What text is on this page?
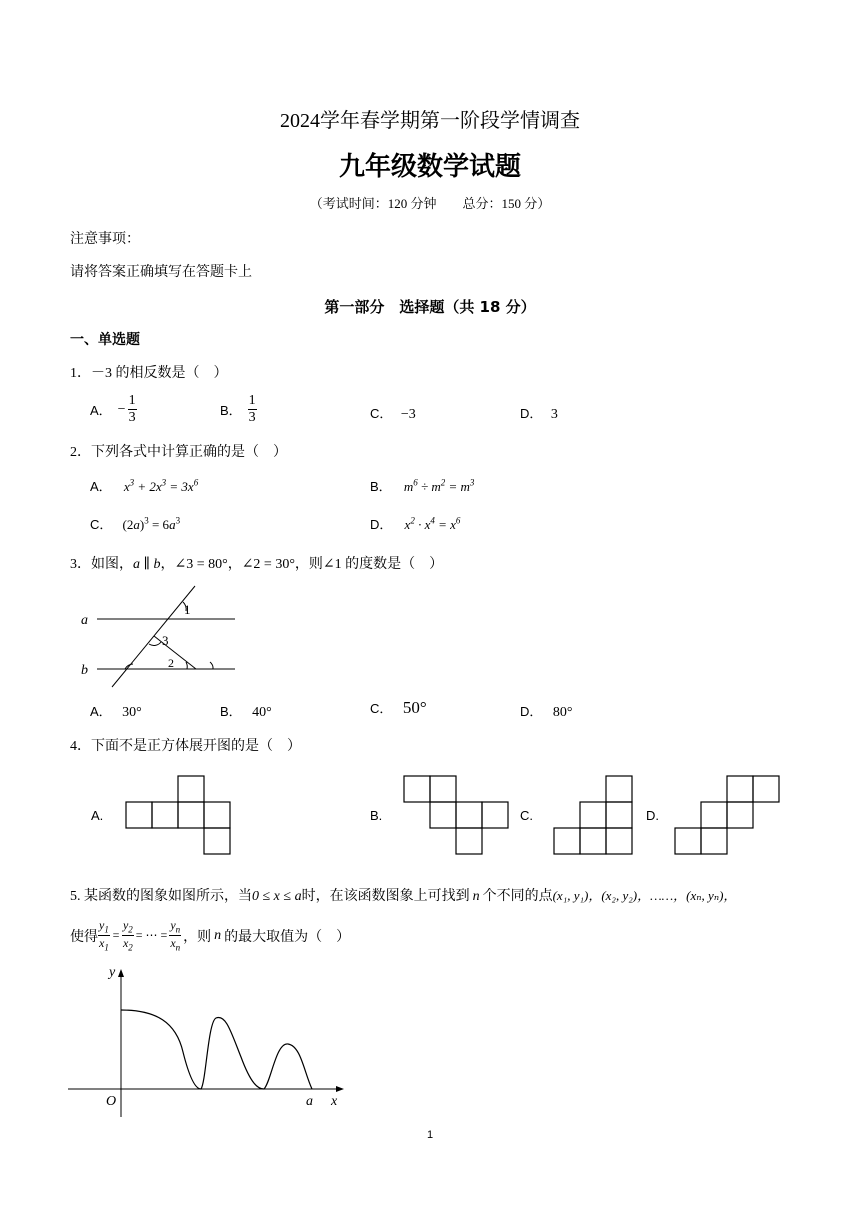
2024学年春学期第一阶段学情调查
九年级数学试题
（考试时间：120 分钟　　总分：150 分）
注意事项：
请将答案正确填写在答题卡上
第一部分　选择题（共 18 分）
一、单选题
1．－3 的相反数是（　）
A． − $\frac{1}{3}$	B． $\frac{1}{3}$	C． −3	D． 3
2．下列各式中计算正确的是（　）
A． $x^3 + 2x^3 = 3x^6$	B． $m^6 \div m^2 = m^3$
C． $(2a)^3 = 6a^3$	D． $x^2 \cdot x^4 = x^6$
3．如图，a ∥ b，∠3 = 80°，∠2 = 30°，则∠1 的度数是（　）
a
b
1
3
2
A． 30°	B． 40°	C． 50°	D． 80°
4．下面不是正方体展开图的是（　）
A.	B.	C.	D.
5. 某函数的图象如图所示，当0 ≤ x ≤ a时，在该函数图象上可找到 n 个不同的点(x₁, y₁)，(x₂, y₂)，……，(xₙ, yₙ)，
使得 $\frac{y_1}{x_1} = \frac{y_2}{x_2}$ = ⋯ = $\frac{y_n}{x_n}$ ，则 n 的最大取值为（　）
y
x
O	a
1
